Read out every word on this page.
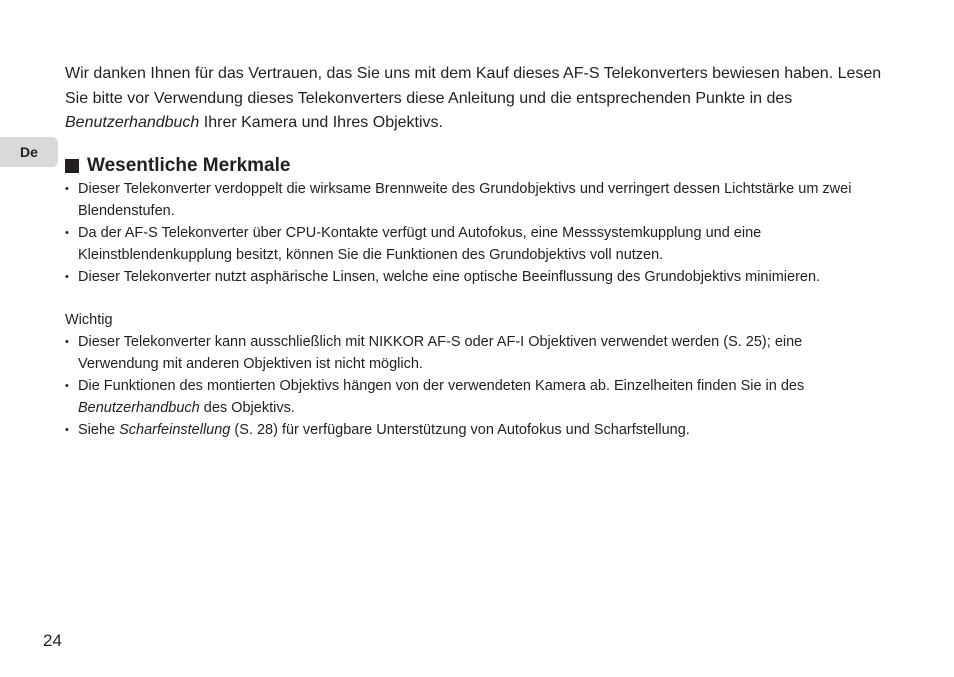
De

Wir danken Ihnen für das Vertrauen, das Sie uns mit dem Kauf dieses AF-S Telekonverters bewiesen haben. Lesen Sie bitte vor Verwendung dieses Telekonverters diese Anleitung und die entsprechenden Punkte in des Benutzerhandbuch Ihrer Kamera und Ihres Objektivs.

Wesentliche Merkmale
• Dieser Telekonverter verdoppelt die wirksame Brennweite des Grundobjektivs und verringert dessen Lichtstärke um zwei Blendenstufen.
• Da der AF-S Telekonverter über CPU-Kontakte verfügt und Autofokus, eine Messsystemkupplung und eine Kleinstblendenkupplung besitzt, können Sie die Funktionen des Grundobjektivs voll nutzen.
• Dieser Telekonverter nutzt asphärische Linsen, welche eine optische Beeinflussung des Grundobjektivs minimieren.

Wichtig

• Dieser Telekonverter kann ausschließlich mit NIKKOR AF-S oder AF-I Objektiven verwendet werden (S. 25); eine Verwendung mit anderen Objektiven ist nicht möglich.
• Die Funktionen des montierten Objektivs hängen von der verwendeten Kamera ab. Einzelheiten finden Sie in des Benutzerhandbuch des Objektivs.
• Siehe Scharfeinstellung (S. 28) für verfügbare Unterstützung von Autofokus und Scharfstellung.

24
